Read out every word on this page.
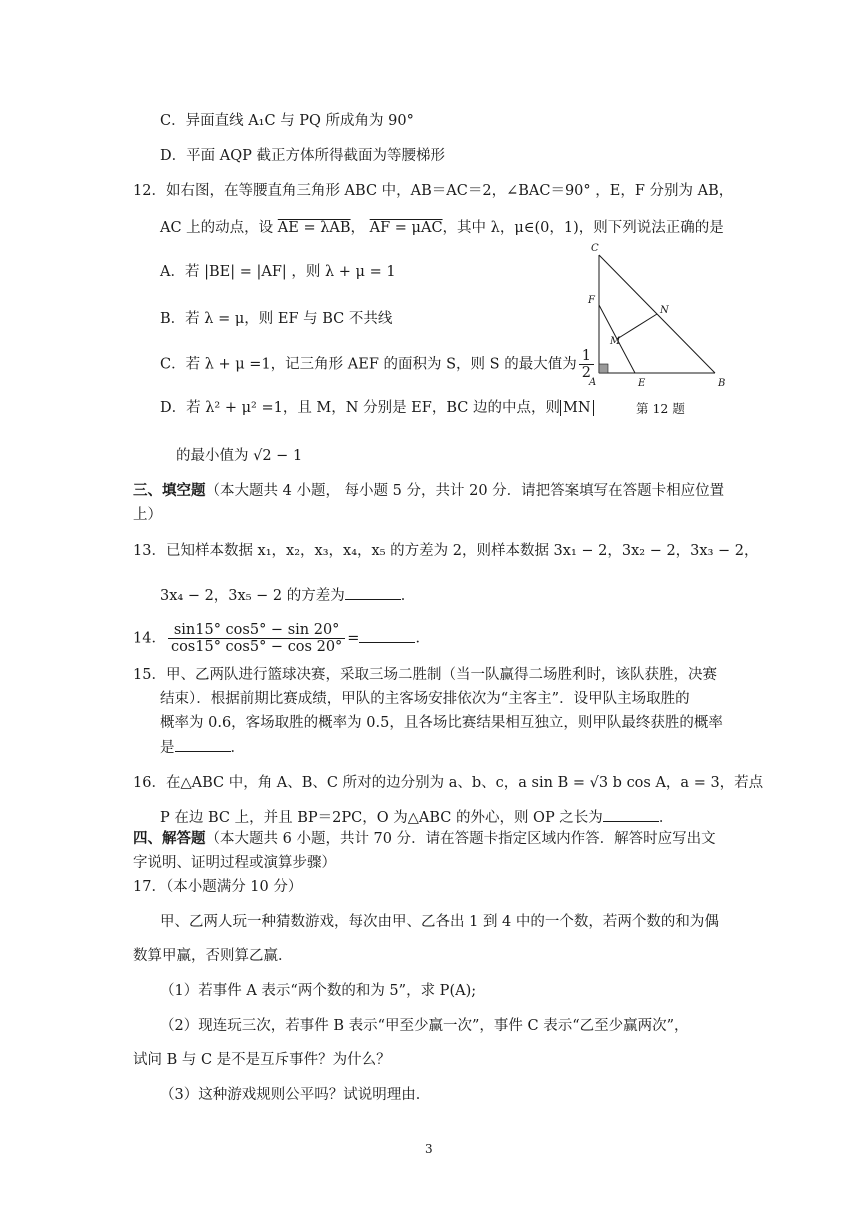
C．异面直线 A₁C 与 PQ 所成角为 90°
D．平面 AQP 截正方体所得截面为等腰梯形
12．如右图，在等腰直角三角形 ABC 中，AB＝AC＝2，∠BAC＝90° ，E，F 分别为 AB，
AC 上的动点，设 AE = λAB， AF = μAC，其中 λ，μ∈(0，1)，则下列说法正确的是
A．若 |BE| = |AF| ，则 λ + μ = 1
B．若 λ = μ，则 EF 与 BC 不共线
C．若 λ + μ =1，记三角形 AEF 的面积为 S，则 S 的最大值为 $\frac{1}{2}$
D．若 λ² + μ² =1，且 M，N 分别是 EF，BC 边的中点，则 MN
的最小值为 √2 − 1
C
F
N
M
A	E	B
第 12 题
三、填空题（本大题共 4 小题， 每小题 5 分，共计 20 分．请把答案填写在答题卡相应位置
上）
13．已知样本数据 x₁，x₂，x₃，x₄，x₅ 的方差为 2，则样本数据 3x₁ − 2，3x₂ − 2，3x₃ − 2，
3x₄ − 2，3x₅ − 2 的方差为	．
14． $\frac{\sin 15^\circ \cos 5^\circ - \sin 20^\circ}{\cos 15^\circ \cos 5^\circ - \cos 20^\circ}$ =	．
15．甲、乙两队进行篮球决赛，采取三场二胜制（当一队赢得二场胜利时，该队获胜，决赛
结束）．根据前期比赛成绩，甲队的主客场安排依次为“主客主”．设甲队主场取胜的
概率为 0.6，客场取胜的概率为 0.5，且各场比赛结果相互独立，则甲队最终获胜的概率
是	．
16．在△ABC 中，角 A、B、C 所对的边分别为 a、b、c，a sin B = √3 b cos A，a = 3，若点
P 在边 BC 上，并且 BP＝2PC，O 为△ABC 的外心，则 OP 之长为	．
四、解答题（本大题共 6 小题，共计 70 分．请在答题卡指定区域内作答．解答时应写出文
字说明、证明过程或演算步骤）
17．（本小题满分 10 分）
甲、乙两人玩一种猜数游戏，每次由甲、乙各出 1 到 4 中的一个数，若两个数的和为偶
数算甲赢，否则算乙赢．
（1）若事件 A 表示“两个数的和为 5”，求 P(A);
（2）现连玩三次，若事件 B 表示“甲至少赢一次”，事件 C 表示“乙至少赢两次”，
试问 B 与 C 是不是互斥事件？为什么？
（3）这种游戏规则公平吗？试说明理由．
3
